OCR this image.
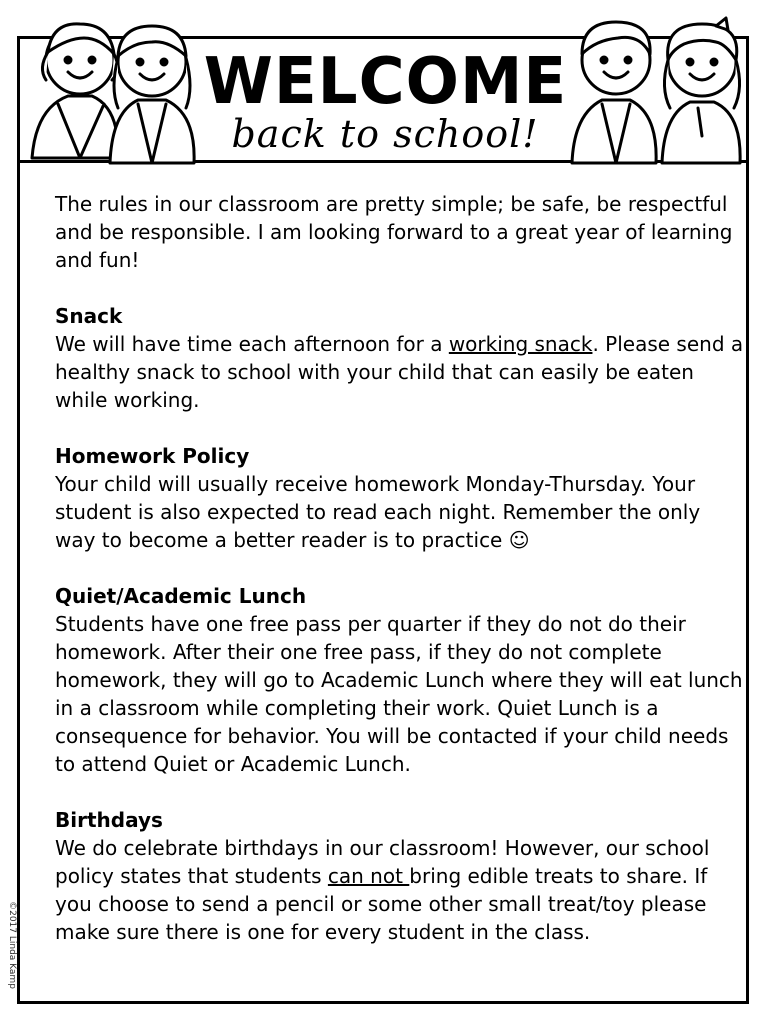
WELCOME
back to school!

The rules in our classroom are pretty simple; be safe, be respectful and be responsible. I am looking forward to a great year of learning and fun!

Snack

We will have time each afternoon for a working snack. Please send a healthy snack to school with your child that can easily be eaten while working.

Homework Policy

Your child will usually receive homework Monday-Thursday. Your student is also expected to read each night. Remember the only way to become a better reader is to practice ☺

Quiet/Academic Lunch

Students have one free pass per quarter if they do not do their homework. After their one free pass, if they do not complete homework, they will go to Academic Lunch where they will eat lunch in a classroom while completing their work. Quiet Lunch is a consequence for behavior. You will be contacted if your child needs to attend Quiet or Academic Lunch.

Birthdays

We do celebrate birthdays in our classroom! However, our school policy states that students can not bring edible treats to share. If you choose to send a pencil or some other small treat/toy please make sure there is one for every student in the class.

©2017 Linda Kamp
